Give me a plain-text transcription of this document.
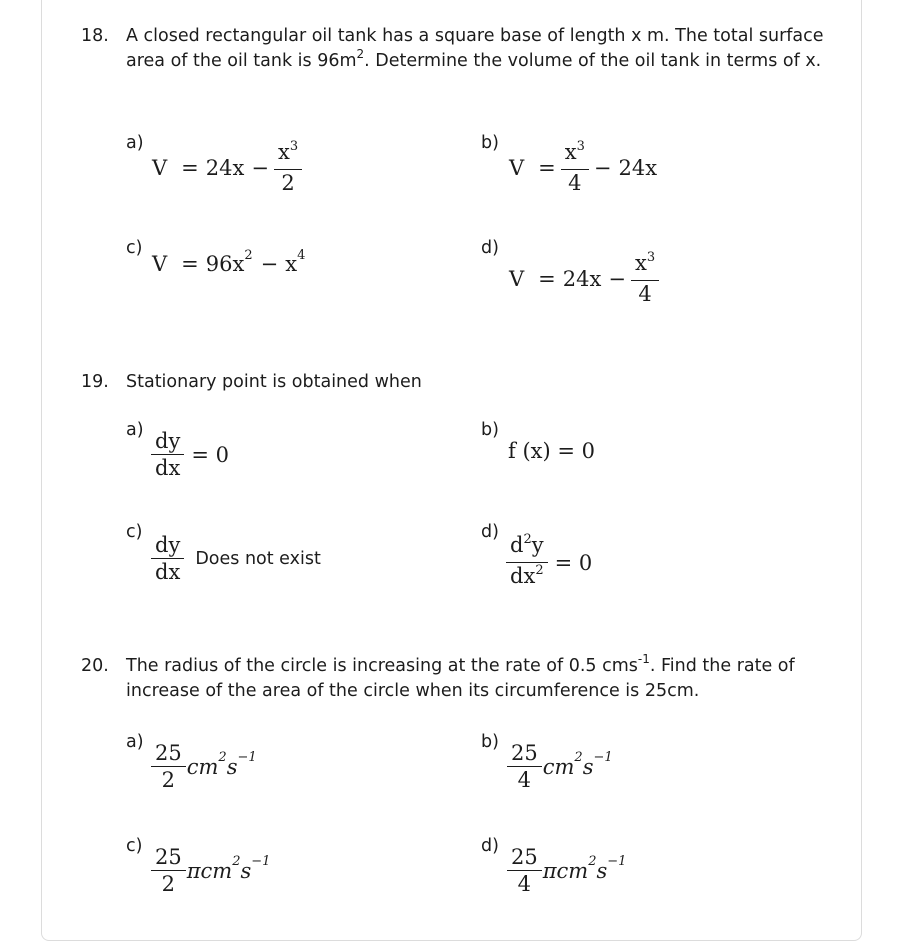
18. A closed rectangular oil tank has a square base of length x m. The total surface area of the oil tank is $96m^2$. Determine the volume of the oil tank in terms of x.
a)
$V = 24x - \frac{x^3}{2}$	b)
$V = \frac{x^3}{4} - 24x$
c)
V = 96x 2 − x 4	d)
$V = 24x - \frac{x^3}{4}$
19. Stationary point is obtained when
$a) \frac{dy}{dx} = 0$
b)
f (x) = 0
c)
$\frac{dy}{dx}$ Does not exist
d)
$\frac{d^2y}{dx^2} = 0$
20. The radius of the circle is increasing at the rate of 0.5 cms$^{-1}$. Find the rate of increase of the area of the circle when its circumference is 25cm.
$a) \frac{25}{2}$ cm 2 s −1
$b) \frac{25}{4}$ cm 2 s −1
$c) \frac{25}{2}$ πcm 2 s −1
$d) \frac{25}{4}$ πcm 2 s −1
